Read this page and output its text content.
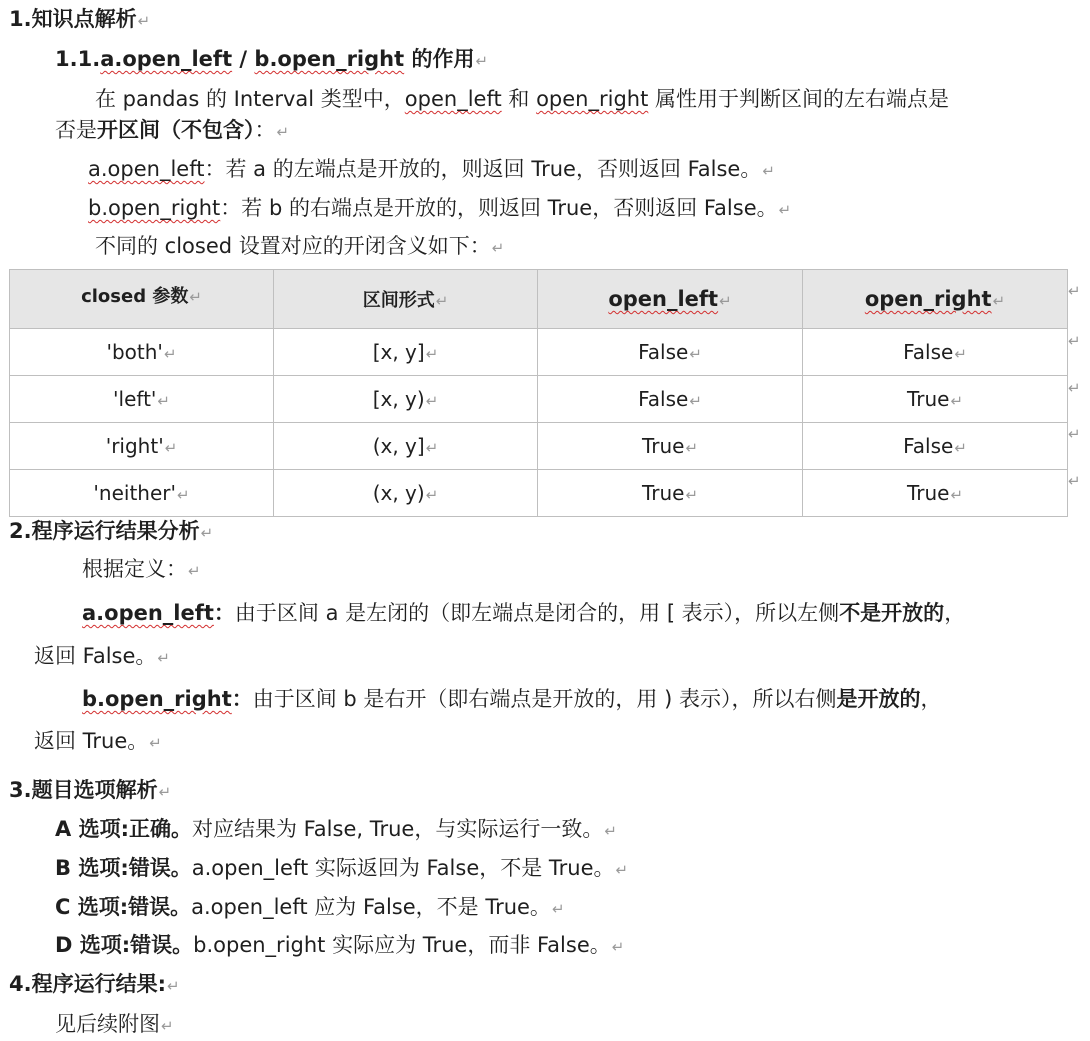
1.知识点解析↵
1.1.a.open_left / b.open_right 的作用↵
在 pandas 的 Interval 类型中，open_left 和 open_right 属性用于判断区间的左右端点是
否是开区间（不包含）：↵
a.open_left：若 a 的左端点是开放的，则返回 True，否则返回 False。↵
b.open_right：若 b 的右端点是开放的，则返回 True，否则返回 False。↵
不同的 closed 设置对应的开闭含义如下：↵
closed 参数↵	区间形式↵	open_left↵	open_right↵
'both'↵	[x, y]↵	False↵	False↵
'left'↵	[x, y)↵	False↵	True↵
'right'↵	(x, y]↵	True↵	False↵
'neither'↵	(x, y)↵	True↵	True↵
↵
↵
↵
↵
↵
2.程序运行结果分析↵
根据定义：↵
a.open_left：由于区间 a 是左闭的（即左端点是闭合的，用 [ 表示），所以左侧不是开放的，
返回 False。↵
b.open_right：由于区间 b 是右开（即右端点是开放的，用 ) 表示），所以右侧是开放的，
返回 True。↵
3.题目选项解析↵
A 选项:正确。对应结果为 False, True，与实际运行一致。↵
B 选项:错误。a.open_left 实际返回为 False，不是 True。↵
C 选项:错误。a.open_left 应为 False，不是 True。↵
D 选项:错误。b.open_right 实际应为 True，而非 False。↵
4.程序运行结果:↵
见后续附图↵
